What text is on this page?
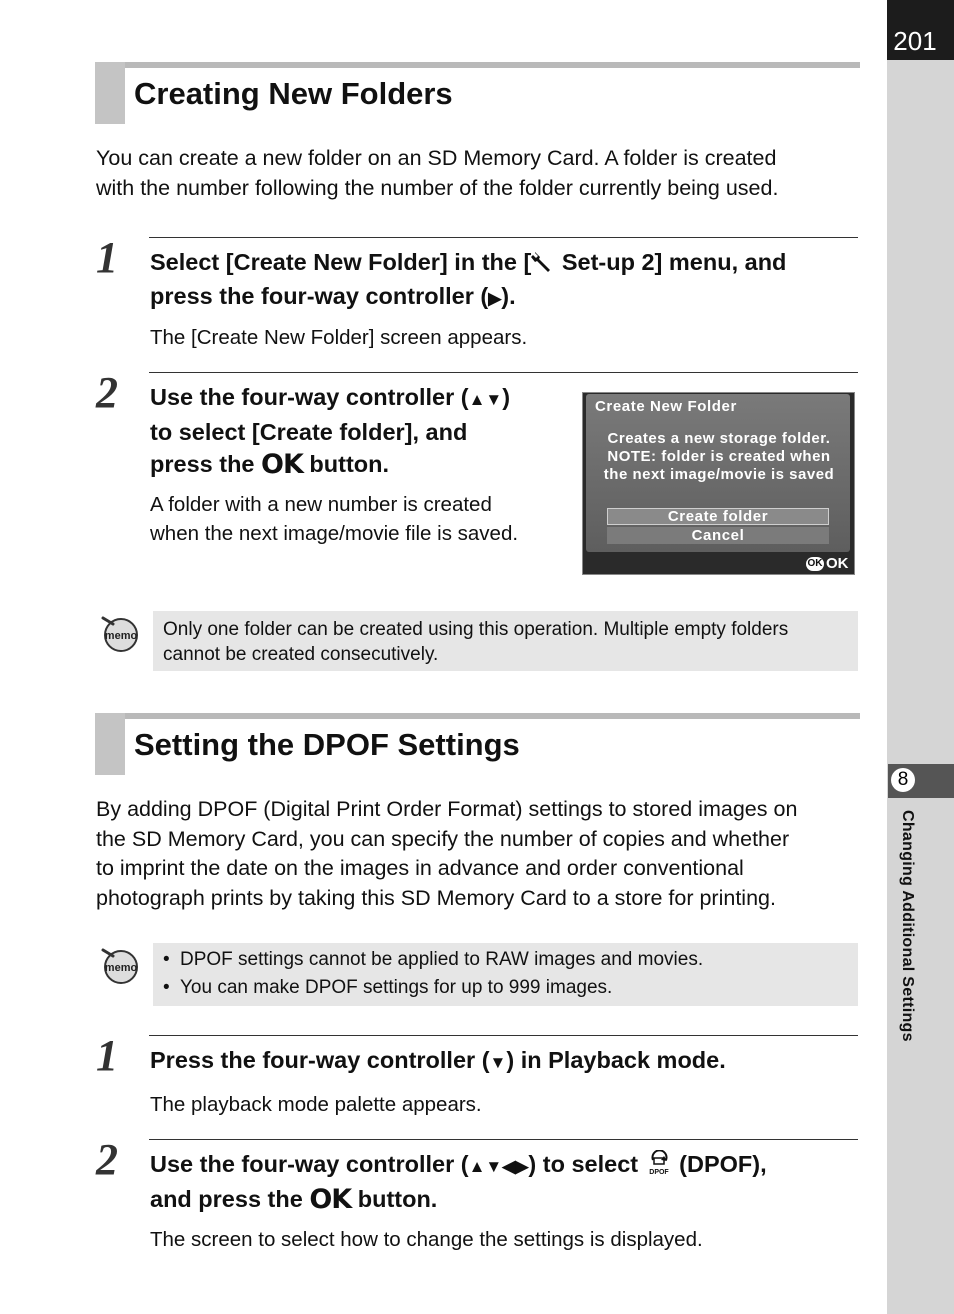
201
8
Changing Additional Settings
Creating New Folders
You can create a new folder on an SD Memory Card. A folder is created
with the number following the number of the folder currently being used.
1 Select [Create New Folder] in the [ Set-up 2] menu, and
press the four-way controller (▶).
The [Create New Folder] screen appears.
2 Use the four-way controller (▲▼)
to select [Create folder], and
press the OK button.
A folder with a new number is created
when the next image/movie file is saved.
Create New Folder
Creates a new storage folder.
NOTE: folder is created when
the next image/movie is saved
Create folder
Cancel
OK OK
memo Only one folder can be created using this operation. Multiple empty folders
cannot be created consecutively.
Setting the DPOF Settings
By adding DPOF (Digital Print Order Format) settings to stored images on
the SD Memory Card, you can specify the number of copies and whether
to imprint the date on the images in advance and order conventional
photograph prints by taking this SD Memory Card to a store for printing.
memo • DPOF settings cannot be applied to RAW images and movies.
• You can make DPOF settings for up to 999 images.
1 Press the four-way controller (▼) in Playback mode.
The playback mode palette appears.
2 Use the four-way controller (▲▼◀▶) to select DPOF (DPOF),
and press the OK button.
The screen to select how to change the settings is displayed.
